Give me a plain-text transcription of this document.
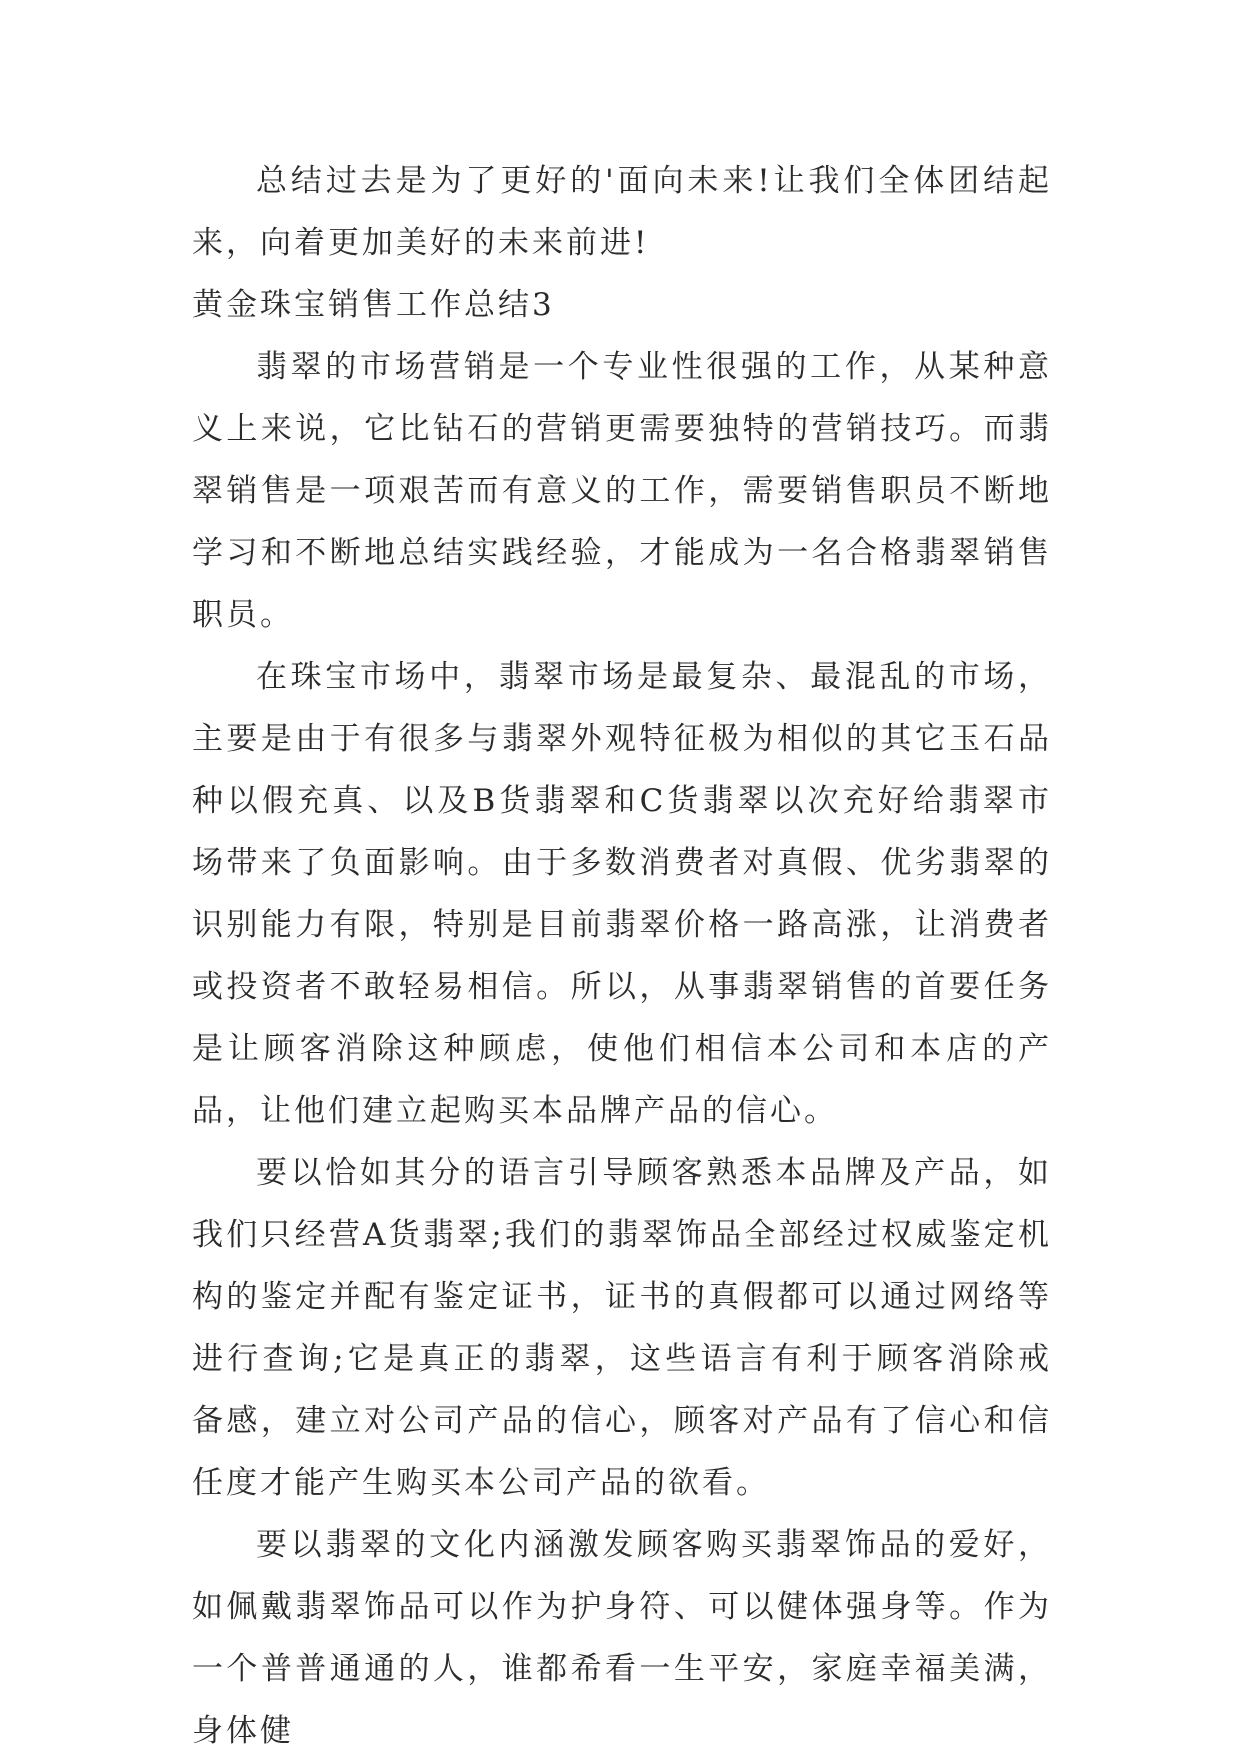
总结过去是为了更好的'面向未来!让我们全体团结起来，向着更加美好的未来前进!

黄金珠宝销售工作总结3

翡翠的市场营销是一个专业性很强的工作，从某种意义上来说，它比钻石的营销更需要独特的营销技巧。而翡翠销售是一项艰苦而有意义的工作，需要销售职员不断地学习和不断地总结实践经验，才能成为一名合格翡翠销售职员。

在珠宝市场中，翡翠市场是最复杂、最混乱的市场，主要是由于有很多与翡翠外观特征极为相似的其它玉石品种以假充真、以及B货翡翠和C货翡翠以次充好给翡翠市场带来了负面影响。由于多数消费者对真假、优劣翡翠的识别能力有限，特别是目前翡翠价格一路高涨，让消费者或投资者不敢轻易相信。所以，从事翡翠销售的首要任务是让顾客消除这种顾虑，使他们相信本公司和本店的产品，让他们建立起购买本品牌产品的信心。

要以恰如其分的语言引导顾客熟悉本品牌及产品，如我们只经营A货翡翠;我们的翡翠饰品全部经过权威鉴定机构的鉴定并配有鉴定证书，证书的真假都可以通过网络等进行查询;它是真正的翡翠，这些语言有利于顾客消除戒备感，建立对公司产品的信心，顾客对产品有了信心和信任度才能产生购买本公司产品的欲看。

要以翡翠的文化内涵激发顾客购买翡翠饰品的爱好，如佩戴翡翠饰品可以作为护身符、可以健体强身等。作为一个普普通通的人，谁都希看一生平安，家庭幸福美满，身体健
